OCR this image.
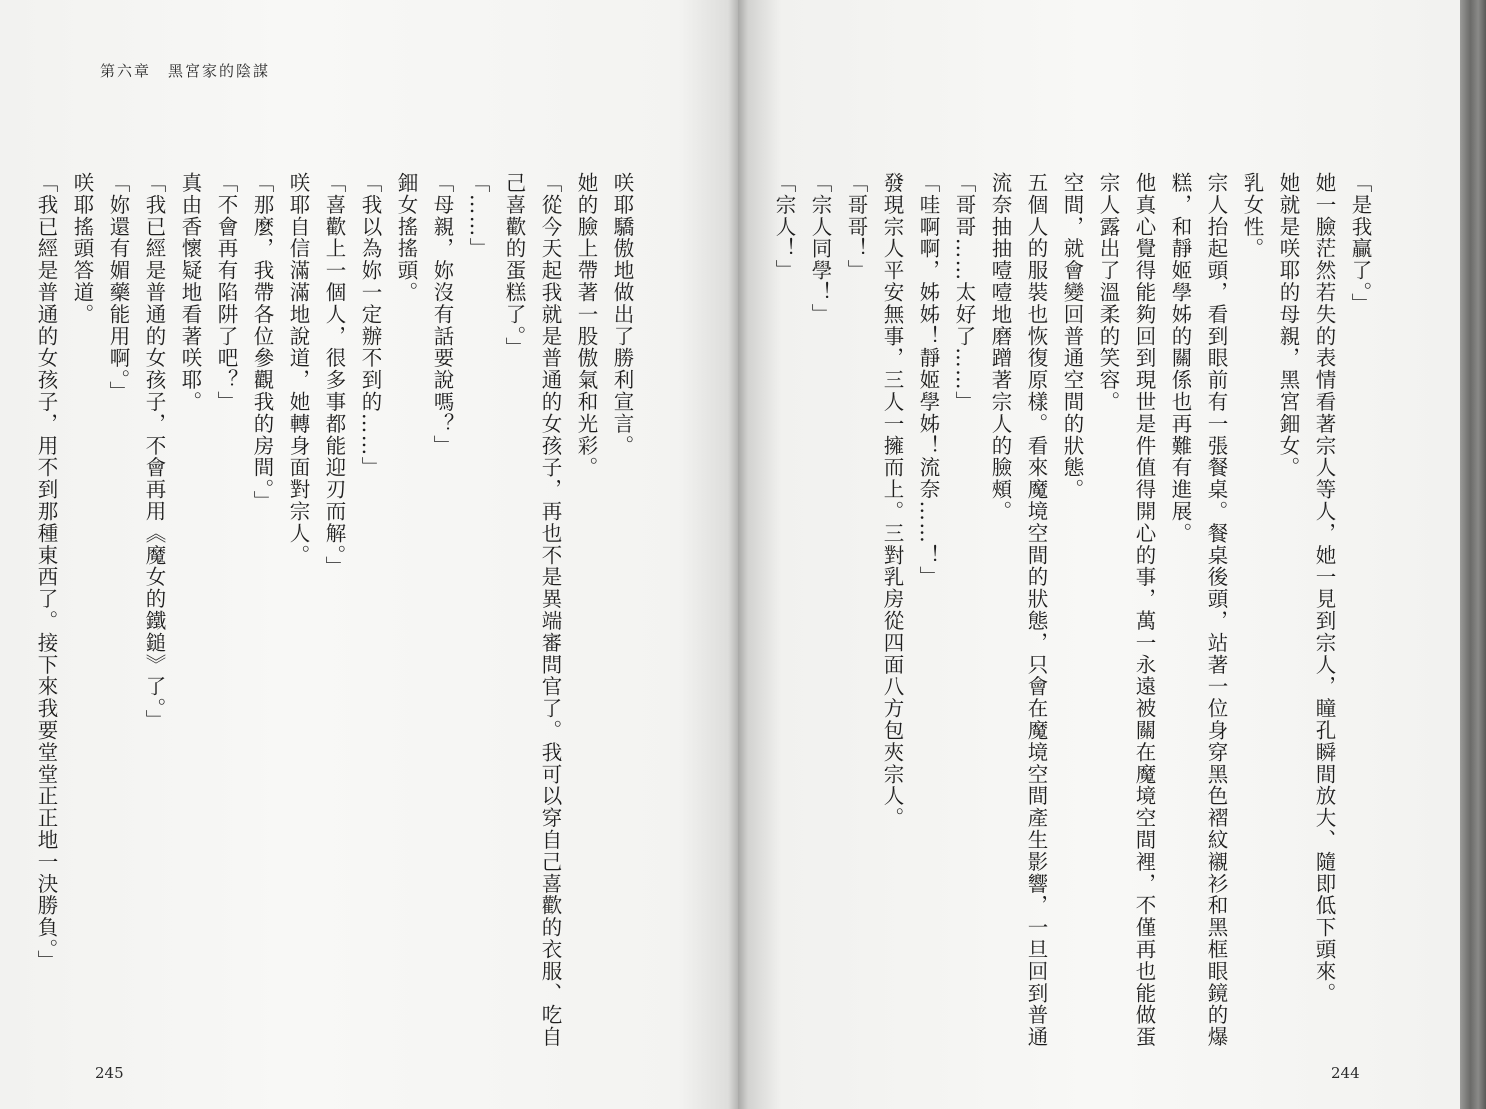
第六章　黑宮家的陰謀
咲耶驕傲地做出了勝利宣言。
她的臉上帶著一股傲氣和光彩。
「從今天起我就是普通的女孩子，再也不是異端審問官了。我可以穿自己喜歡的衣服、吃自
己喜歡的蛋糕了。」
「……」
「母親，妳沒有話要說嗎？」
鈿女搖搖頭。
「我以為妳一定辦不到的……」
「喜歡上一個人，很多事都能迎刃而解。」
咲耶自信滿滿地說道，她轉身面對宗人。
「那麼，我帶各位參觀我的房間。」
「不會再有陷阱了吧？」
真由香懷疑地看著咲耶。
「我已經是普通的女孩子，不會再用《魔女的鐵鎚》了。」
「妳還有媚藥能用啊。」
咲耶搖頭答道。
「我已經是普通的女孩子，用不到那種東西了。接下來我要堂堂正正地一決勝負。」
245
「是我贏了。」
她一臉茫然若失的表情看著宗人等人，她一見到宗人，瞳孔瞬間放大、隨即低下頭來。
她就是咲耶的母親，黑宮鈿女。
乳女性。
宗人抬起頭，看到眼前有一張餐桌。餐桌後頭，站著一位身穿黑色褶紋襯衫和黑框眼鏡的爆
糕，和靜姬學姊的關係也再難有進展。
他真心覺得能夠回到現世是件值得開心的事，萬一永遠被關在魔境空間裡，不僅再也能做蛋
宗人露出了溫柔的笑容。
空間，就會變回普通空間的狀態。
五個人的服裝也恢復原樣。看來魔境空間的狀態，只會在魔境空間產生影響，一旦回到普通
流奈抽抽噎噎地磨蹭著宗人的臉頰。
「哥哥……太好了……」
「哇啊啊，姊姊！靜姬學姊！流奈……！」
發現宗人平安無事，三人一擁而上。三對乳房從四面八方包夾宗人。
「哥哥！」
「宗人同學！」
「宗人！」
244
